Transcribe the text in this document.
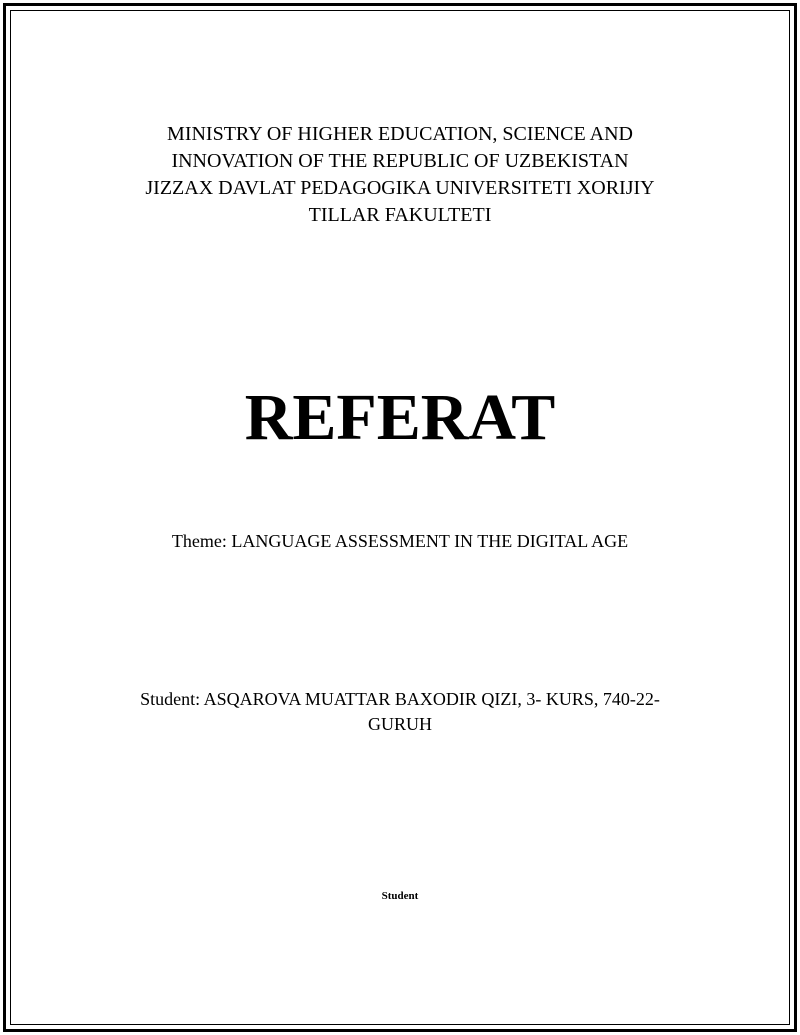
MINISTRY OF HIGHER EDUCATION, SCIENCE AND
INNOVATION OF THE REPUBLIC OF UZBEKISTAN
JIZZAX DAVLAT PEDAGOGIKA UNIVERSITETI XORIJIY
TILLAR FAKULTETI
REFERAT
Theme: LANGUAGE ASSESSMENT IN THE DIGITAL AGE
Student: ASQAROVA MUATTAR BAXODIR QIZI, 3- KURS, 740-22-
GURUH
Student
